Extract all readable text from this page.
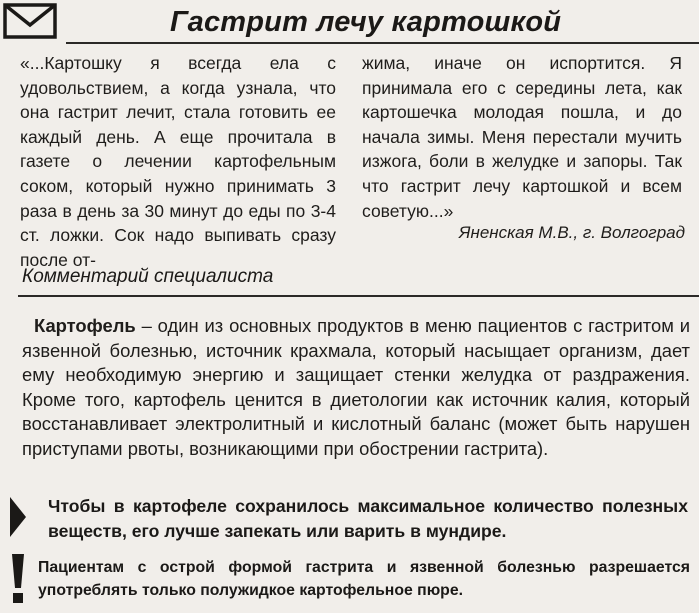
Гастрит лечу картошкой

«...Картошку я всегда ела с удовольствием, а когда узнала, что она гастрит лечит, стала готовить ее каждый день. А еще прочитала в газете о лечении картофельным соком, который нужно принимать 3 раза в день за 30 минут до еды по 3-4 ст. ложки. Сок надо выпивать сразу после от-

жима, иначе он испортится. Я принимала его с середины лета, как картошечка молодая пошла, и до начала зимы. Меня перестали мучить изжога, боли в желудке и запоры. Так что гастрит лечу картошкой и всем советую...»

Яненская М.В., г. Волгоград
Комментарий специалиста

Картофель – один из основных продуктов в меню пациентов с гастритом и язвенной болезнью, источник крахмала, который насыщает организм, дает ему необходимую энергию и защищает стенки желудка от раздражения. Кроме того, картофель ценится в диетологии как источник калия, который восстанавливает электролитный и кислотный баланс (может быть нарушен приступами рвоты, возникающими при обострении гастрита).

Чтобы в картофеле сохранилось максимальное количество полезных веществ, его лучше запекать или варить в мундире.
Пациентам с острой формой гастрита и язвенной болезнью разрешается употреблять только полужидкое картофельное пюре.
